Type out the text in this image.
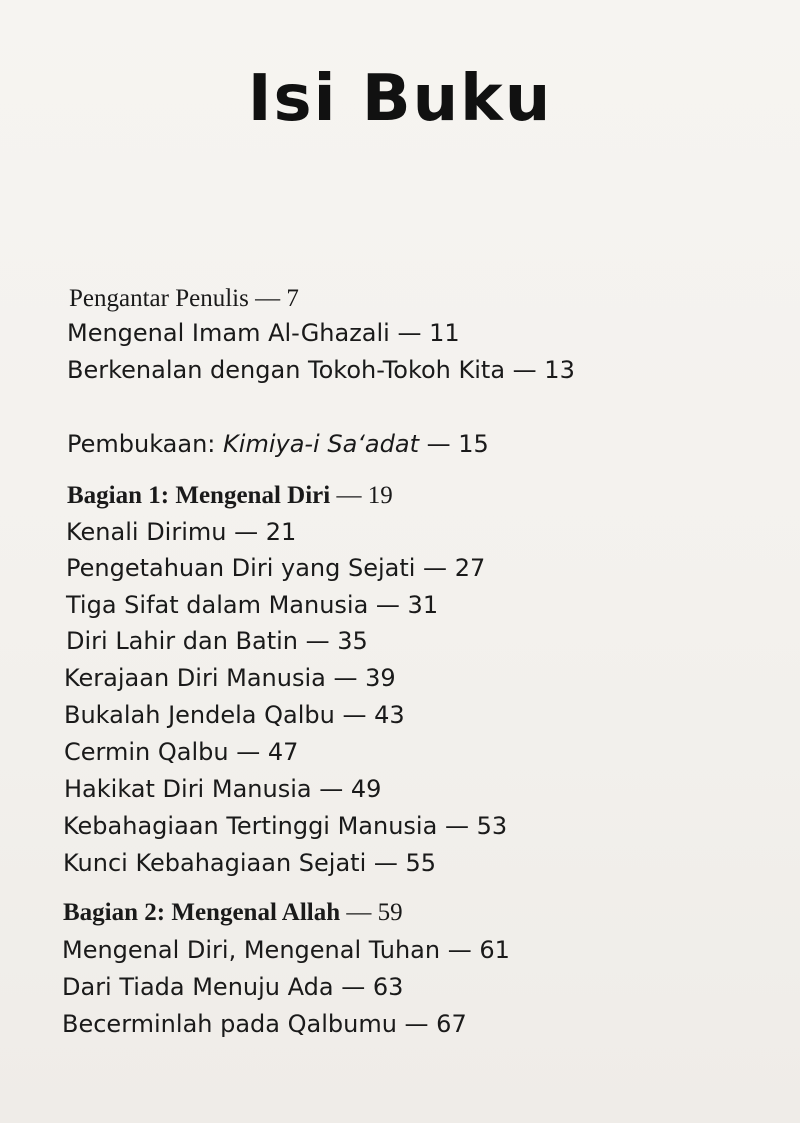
Isi Buku
Pengantar Penulis — 7
Mengenal Imam Al-Ghazali — 11
Berkenalan dengan Tokoh-Tokoh Kita — 13
Pembukaan: Kimiya-i Sa‘adat — 15
Bagian 1: Mengenal Diri — 19
Kenali Dirimu — 21
Pengetahuan Diri yang Sejati — 27
Tiga Sifat dalam Manusia — 31
Diri Lahir dan Batin — 35
Kerajaan Diri Manusia — 39
Bukalah Jendela Qalbu — 43
Cermin Qalbu — 47
Hakikat Diri Manusia — 49
Kebahagiaan Tertinggi Manusia — 53
Kunci Kebahagiaan Sejati — 55
Bagian 2: Mengenal Allah — 59
Mengenal Diri, Mengenal Tuhan — 61
Dari Tiada Menuju Ada — 63
Becerminlah pada Qalbumu — 67
